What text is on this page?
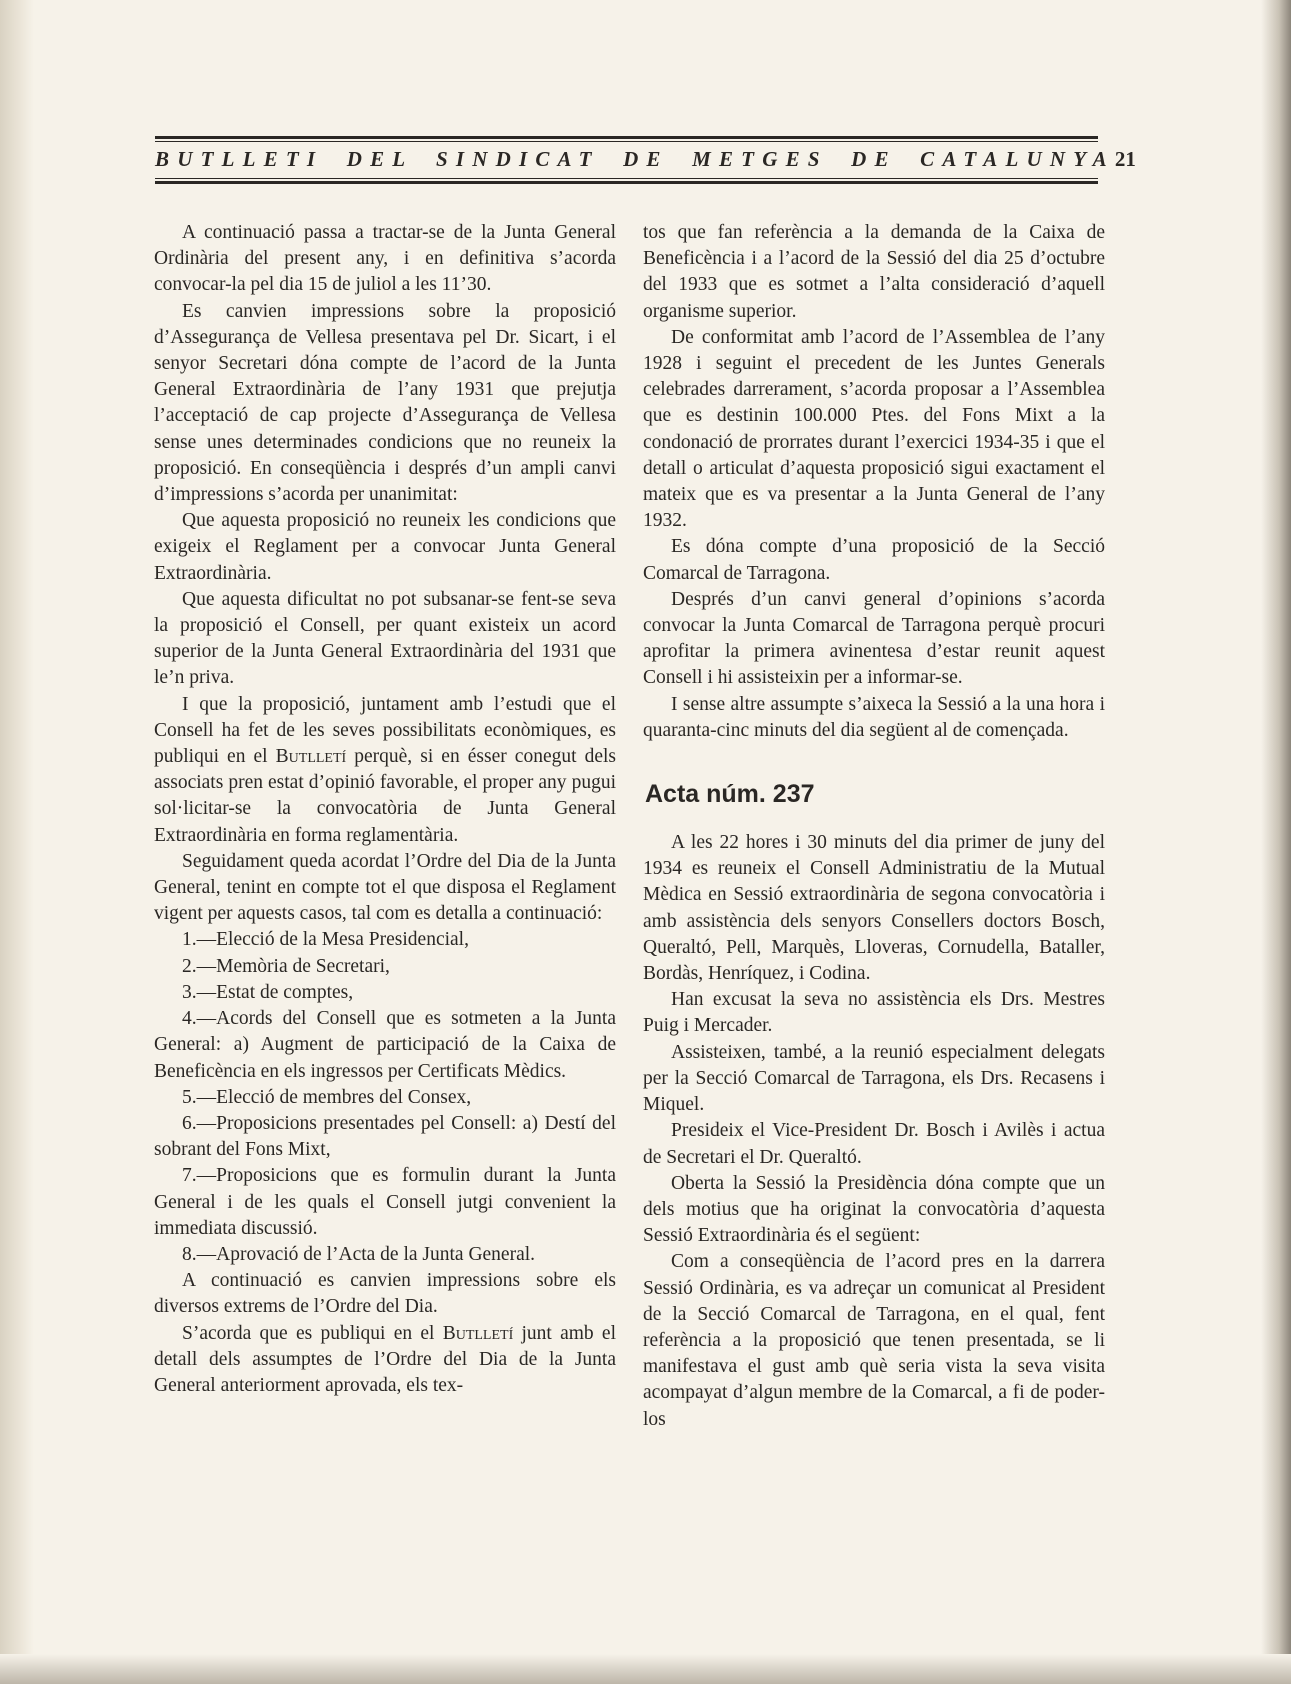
BUTLLETI DEL SINDICAT DE METGES DE CATALUNYA 21

A continuació passa a tractar-se de la Junta General Ordinària del present any, i en definitiva s’acorda convocar-la pel dia 15 de juliol a les 11’30.

Es canvien impressions sobre la proposició d’Assegurança de Vellesa presentava pel Dr. Sicart, i el senyor Secretari dóna compte de l’acord de la Junta General Extraordinària de l’any 1931 que prejutja l’acceptació de cap projecte d’Assegurança de Vellesa sense unes determinades condicions que no reuneix la proposició. En conseqüència i després d’un ampli canvi d’impressions s’acorda per unanimitat:

Que aquesta proposició no reuneix les condicions que exigeix el Reglament per a convocar Junta General Extraordinària.

Que aquesta dificultat no pot subsanar-se fent-se seva la proposició el Consell, per quant existeix un acord superior de la Junta General Extraordinària del 1931 que le’n priva.

I que la proposició, juntament amb l’estudi que el Consell ha fet de les seves possibilitats econòmiques, es publiqui en el Butlletí perquè, si en ésser conegut dels associats pren estat d’opinió favorable, el proper any pugui sol·licitar-se la convocatòria de Junta General Extraordinària en forma reglamentària.

Seguidament queda acordat l’Ordre del Dia de la Junta General, tenint en compte tot el que disposa el Reglament vigent per aquests casos, tal com es detalla a continuació:

1.—Elecció de la Mesa Presidencial,

2.—Memòria de Secretari,

3.—Estat de comptes,

4.—Acords del Consell que es sotmeten a la Junta General: a) Augment de participació de la Caixa de Beneficència en els ingressos per Certificats Mèdics.

5.—Elecció de membres del Consex,

6.—Proposicions presentades pel Consell: a) Destí del sobrant del Fons Mixt,

7.—Proposicions que es formulin durant la Junta General i de les quals el Consell jutgi convenient la immediata discussió.

8.—Aprovació de l’Acta de la Junta General.

A continuació es canvien impressions sobre els diversos extrems de l’Ordre del Dia.

S’acorda que es publiqui en el Butlletí junt amb el detall dels assumptes de l’Ordre del Dia de la Junta General anteriorment aprovada, els tex-

tos que fan referència a la demanda de la Caixa de Beneficència i a l’acord de la Sessió del dia 25 d’octubre del 1933 que es sotmet a l’alta consideració d’aquell organisme superior.

De conformitat amb l’acord de l’Assemblea de l’any 1928 i seguint el precedent de les Juntes Generals celebrades darrerament, s’acorda proposar a l’Assemblea que es destinin 100.000 Ptes. del Fons Mixt a la condonació de prorrates durant l’exercici 1934-35 i que el detall o articulat d’aquesta proposició sigui exactament el mateix que es va presentar a la Junta General de l’any 1932.

Es dóna compte d’una proposició de la Secció Comarcal de Tarragona.

Després d’un canvi general d’opinions s’acorda convocar la Junta Comarcal de Tarragona perquè procuri aprofitar la primera avinentesa d’estar reunit aquest Consell i hi assisteixin per a informar-se.

I sense altre assumpte s’aixeca la Sessió a la una hora i quaranta-cinc minuts del dia següent al de començada.

Acta núm. 237

A les 22 hores i 30 minuts del dia primer de juny del 1934 es reuneix el Consell Administratiu de la Mutual Mèdica en Sessió extraordinària de segona convocatòria i amb assistència dels senyors Consellers doctors Bosch, Queraltó, Pell, Marquès, Lloveras, Cornudella, Bataller, Bordàs, Henríquez, i Codina.

Han excusat la seva no assistència els Drs. Mestres Puig i Mercader.

Assisteixen, també, a la reunió especialment delegats per la Secció Comarcal de Tarragona, els Drs. Recasens i Miquel.

Presideix el Vice-President Dr. Bosch i Avilès i actua de Secretari el Dr. Queraltó.

Oberta la Sessió la Presidència dóna compte que un dels motius que ha originat la convocatòria d’aquesta Sessió Extraordinària és el següent:

Com a conseqüència de l’acord pres en la darrera Sessió Ordinària, es va adreçar un comunicat al President de la Secció Comarcal de Tarragona, en el qual, fent referència a la proposició que tenen presentada, se li manifestava el gust amb què seria vista la seva visita acompayat d’algun membre de la Comarcal, a fi de poder-los
